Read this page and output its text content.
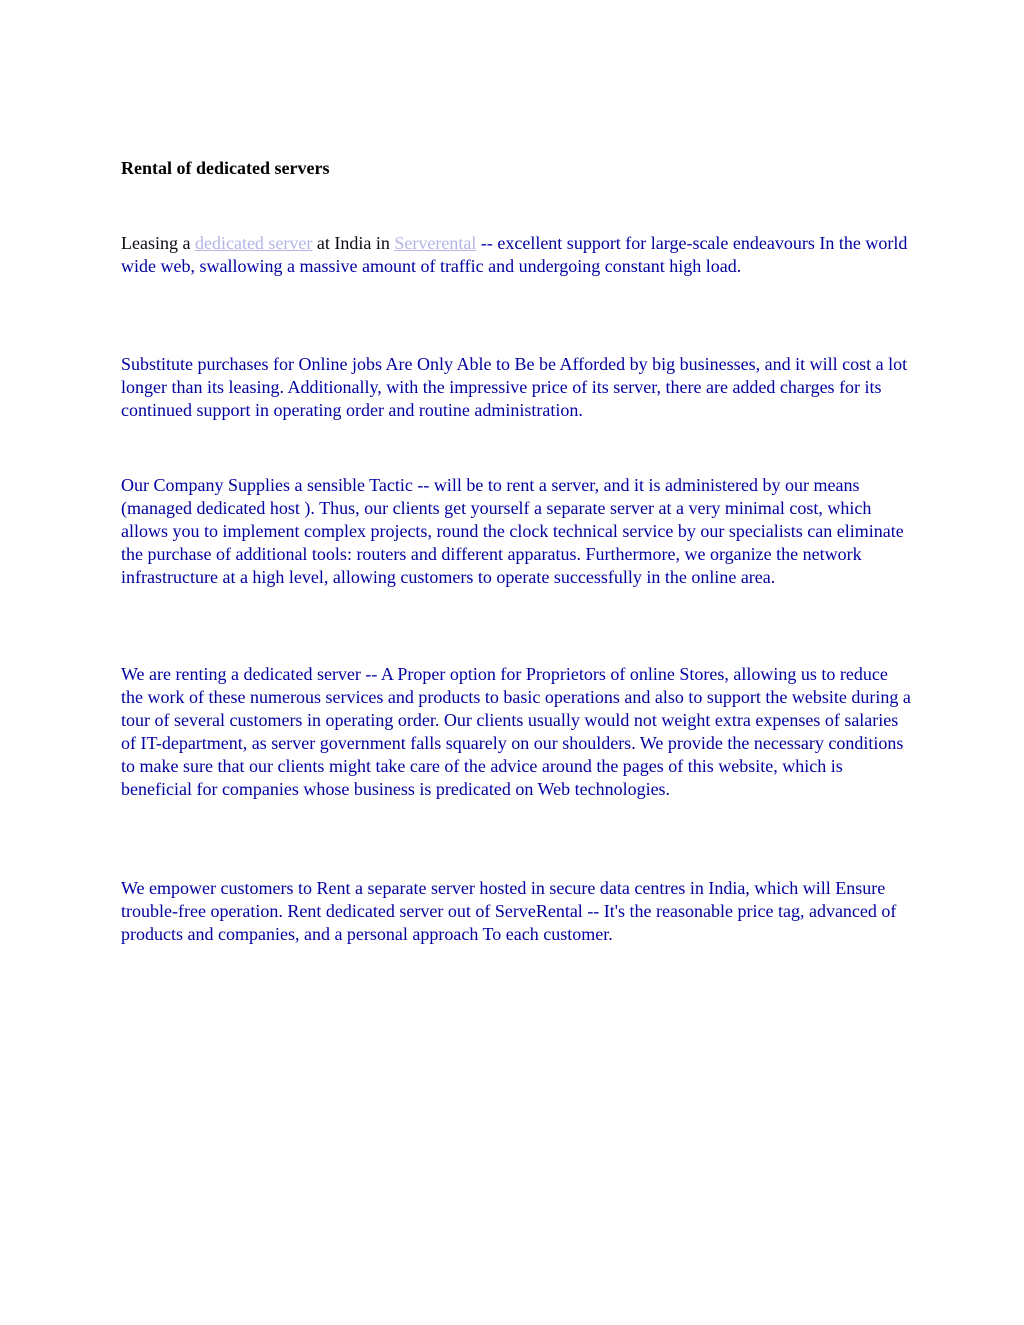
Rental of dedicated servers

Leasing a dedicated server at India in Serverental -- excellent support for large-scale endeavours In the world wide web, swallowing a massive amount of traffic and undergoing constant high load.

Substitute purchases for Online jobs Are Only Able to Be be Afforded by big businesses, and it will cost a lot longer than its leasing. Additionally, with the impressive price of its server, there are added charges for its continued support in operating order and routine administration.

Our Company Supplies a sensible Tactic -- will be to rent a server, and it is administered by our means (managed dedicated host ). Thus, our clients get yourself a separate server at a very minimal cost, which allows you to implement complex projects, round the clock technical service by our specialists can eliminate the purchase of additional tools: routers and different apparatus. Furthermore, we organize the network infrastructure at a high level, allowing customers to operate successfully in the online area.

We are renting a dedicated server -- A Proper option for Proprietors of online Stores, allowing us to reduce the work of these numerous services and products to basic operations and also to support the website during a tour of several customers in operating order. Our clients usually would not weight extra expenses of salaries of IT-department, as server government falls squarely on our shoulders. We provide the necessary conditions to make sure that our clients might take care of the advice around the pages of this website, which is beneficial for companies whose business is predicated on Web technologies.

We empower customers to Rent a separate server hosted in secure data centres in India, which will Ensure trouble-free operation. Rent dedicated server out of ServeRental -- It's the reasonable price tag, advanced of products and companies, and a personal approach To each customer.
